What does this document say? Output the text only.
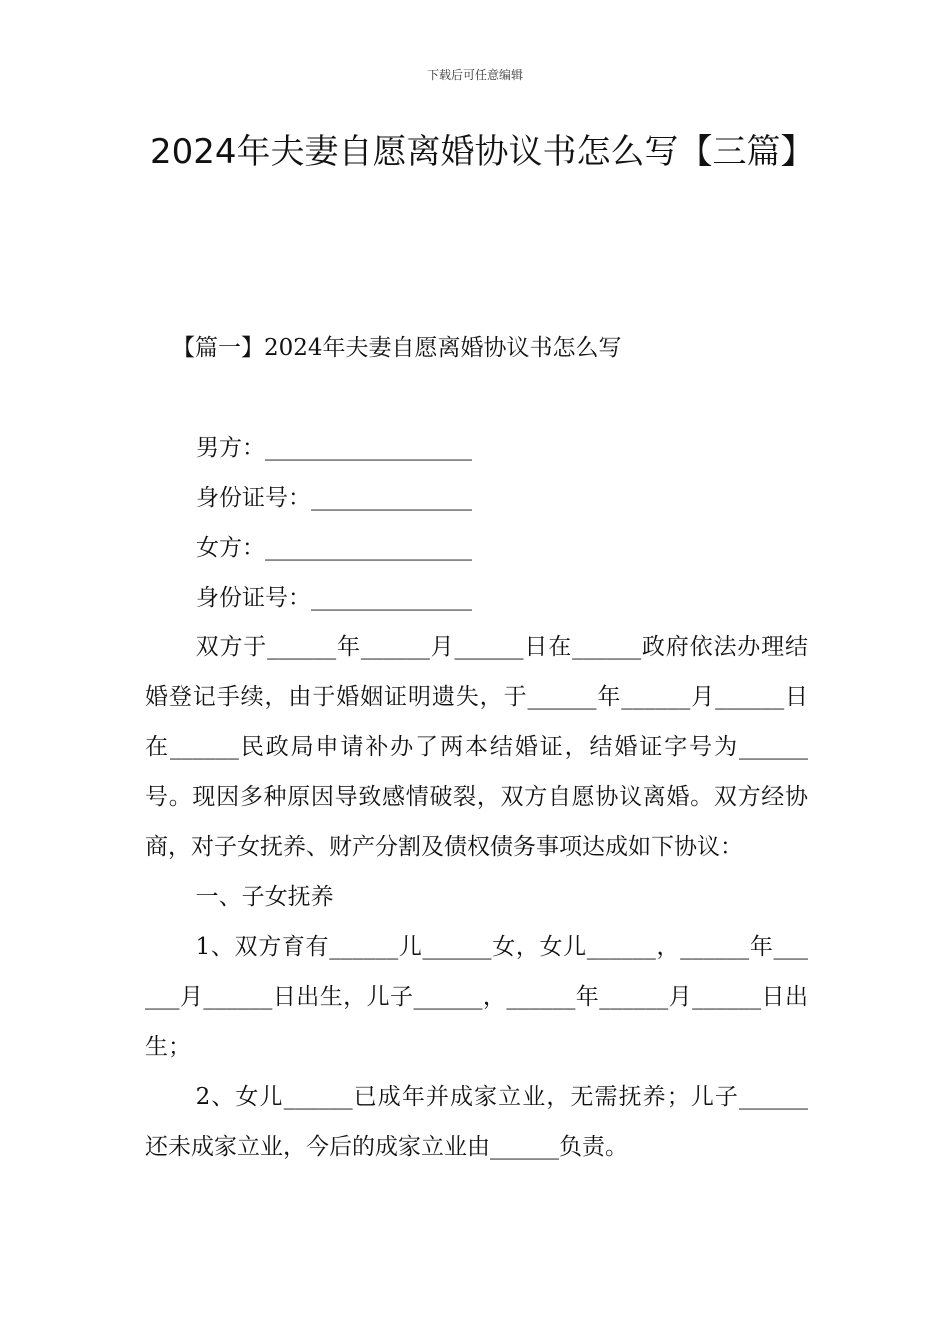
下载后可任意编辑
2024年夫妻自愿离婚协议书怎么写【三篇】
【篇一】2024年夫妻自愿离婚协议书怎么写
男方：__________________
身份证号：______________
女方：__________________
身份证号：______________

双方于______年______月______日在______政府依法办理结婚登记手续，由于婚姻证明遗失，于______年______月______日在______民政局申请补办了两本结婚证，结婚证字号为______号。现因多种原因导致感情破裂，双方自愿协议离婚。双方经协商，对子女抚养、财产分割及债权债务事项达成如下协议：

一、子女抚养

1、双方育有______儿______女，女儿______，______年______月______日出生，儿子______，______年______月______日出生；

2、女儿______已成年并成家立业，无需抚养；儿子______还未成家立业，今后的成家立业由______负责。
